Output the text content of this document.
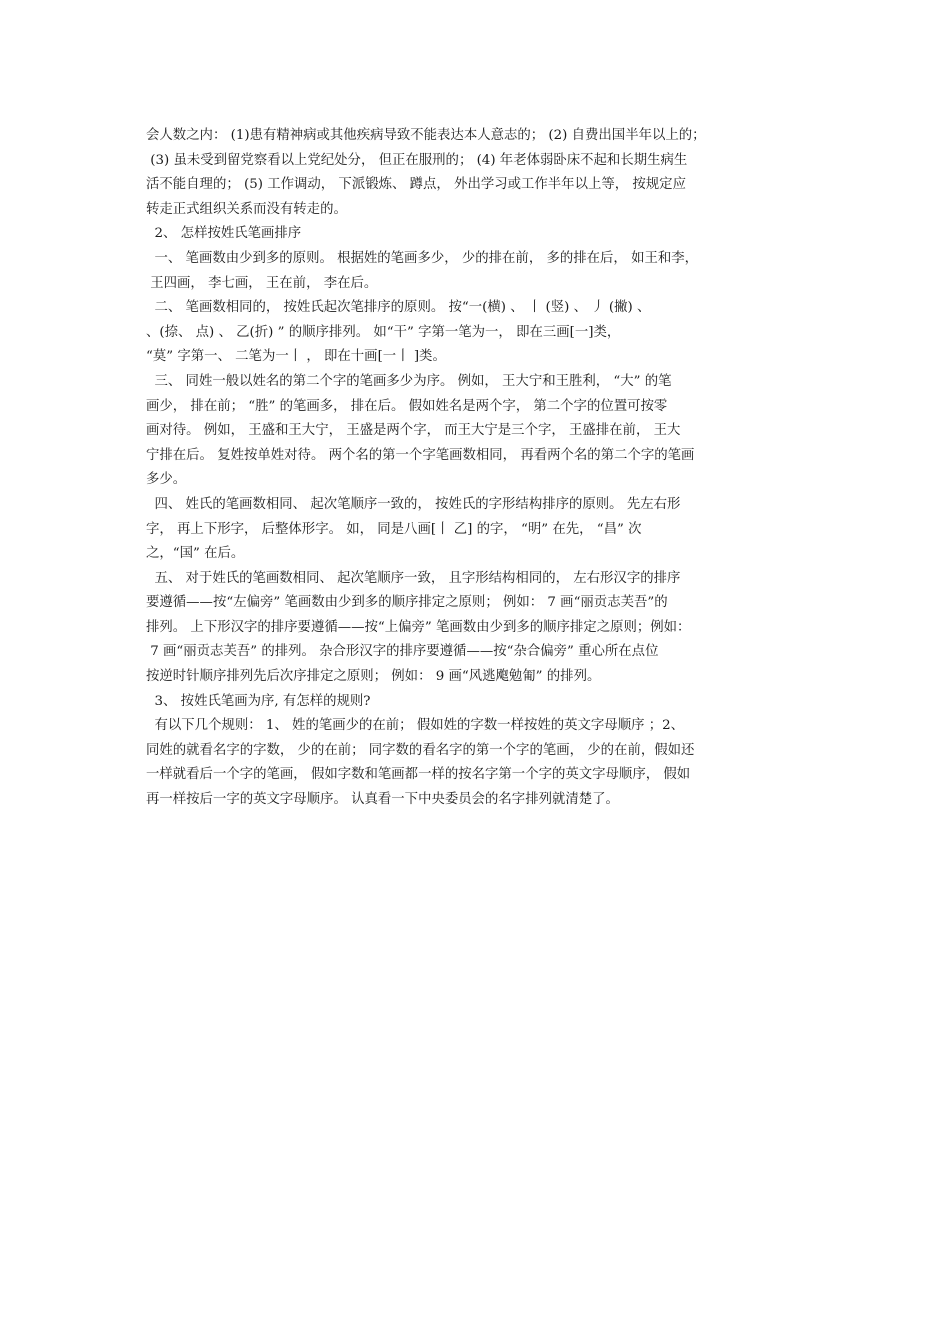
会人数之内： (1)患有精神病或其他疾病导致不能表达本人意志的； (2) 自费出国半年以上的；
(3) 虽未受到留党察看以上党纪处分， 但正在服刑的； (4) 年老体弱卧床不起和长期生病生
活不能自理的； (5) 工作调动， 下派锻炼、 蹲点， 外出学习或工作半年以上等， 按规定应
转走正式组织关系而没有转走的。
2、 怎样按姓氏笔画排序
一、 笔画数由少到多的原则。 根据姓的笔画多少， 少的排在前， 多的排在后， 如王和李，
王四画， 李七画， 王在前， 李在后。
二、 笔画数相同的， 按姓氏起次笔排序的原则。 按“一(横) 、 丨 (竖) 、 丿 (撇) 、
、(捺、 点) 、 乙(折) ” 的顺序排列。 如“干” 字第一笔为一， 即在三画[一]类，
“莫” 字第一、 二笔为一丨 ， 即在十画[一丨 ]类。
三、 同姓一般以姓名的第二个字的笔画多少为序。 例如， 王大宁和王胜利， “大” 的笔
画少， 排在前； “胜” 的笔画多， 排在后。 假如姓名是两个字， 第二个字的位置可按零
画对待。 例如， 王盛和王大宁， 王盛是两个字， 而王大宁是三个字， 王盛排在前， 王大
宁排在后。 复姓按单姓对待。 两个名的第一个字笔画数相同， 再看两个名的第二个字的笔画
多少。
四、 姓氏的笔画数相同、 起次笔顺序一致的， 按姓氏的字形结构排序的原则。 先左右形
字， 再上下形字， 后整体形字。 如， 同是八画[丨 乙] 的字， “明” 在先， “昌” 次
之，“国” 在后。
五、 对于姓氏的笔画数相同、 起次笔顺序一致， 且字形结构相同的， 左右形汉字的排序
要遵循——按“左偏旁” 笔画数由少到多的顺序排定之原则； 例如： 7 画“丽贡志芙吾”的
排列。 上下形汉字的排序要遵循——按“上偏旁” 笔画数由少到多的顺序排定之原则；例如：
7 画“丽贡志芙吾” 的排列。 杂合形汉字的排序要遵循——按“杂合偏旁” 重心所在点位
按逆时针顺序排列先后次序排定之原则； 例如： 9 画“风逃飑勉匍” 的排列。
3、 按姓氏笔画为序, 有怎样的规则?
有以下几个规则： 1、 姓的笔画少的在前； 假如姓的字数一样按姓的英文字母顺序 ；2、
同姓的就看名字的字数， 少的在前； 同字数的看名字的第一个字的笔画， 少的在前，假如还
一样就看后一个字的笔画， 假如字数和笔画都一样的按名字第一个字的英文字母顺序， 假如
再一样按后一字的英文字母顺序。 认真看一下中央委员会的名字排列就清楚了。
